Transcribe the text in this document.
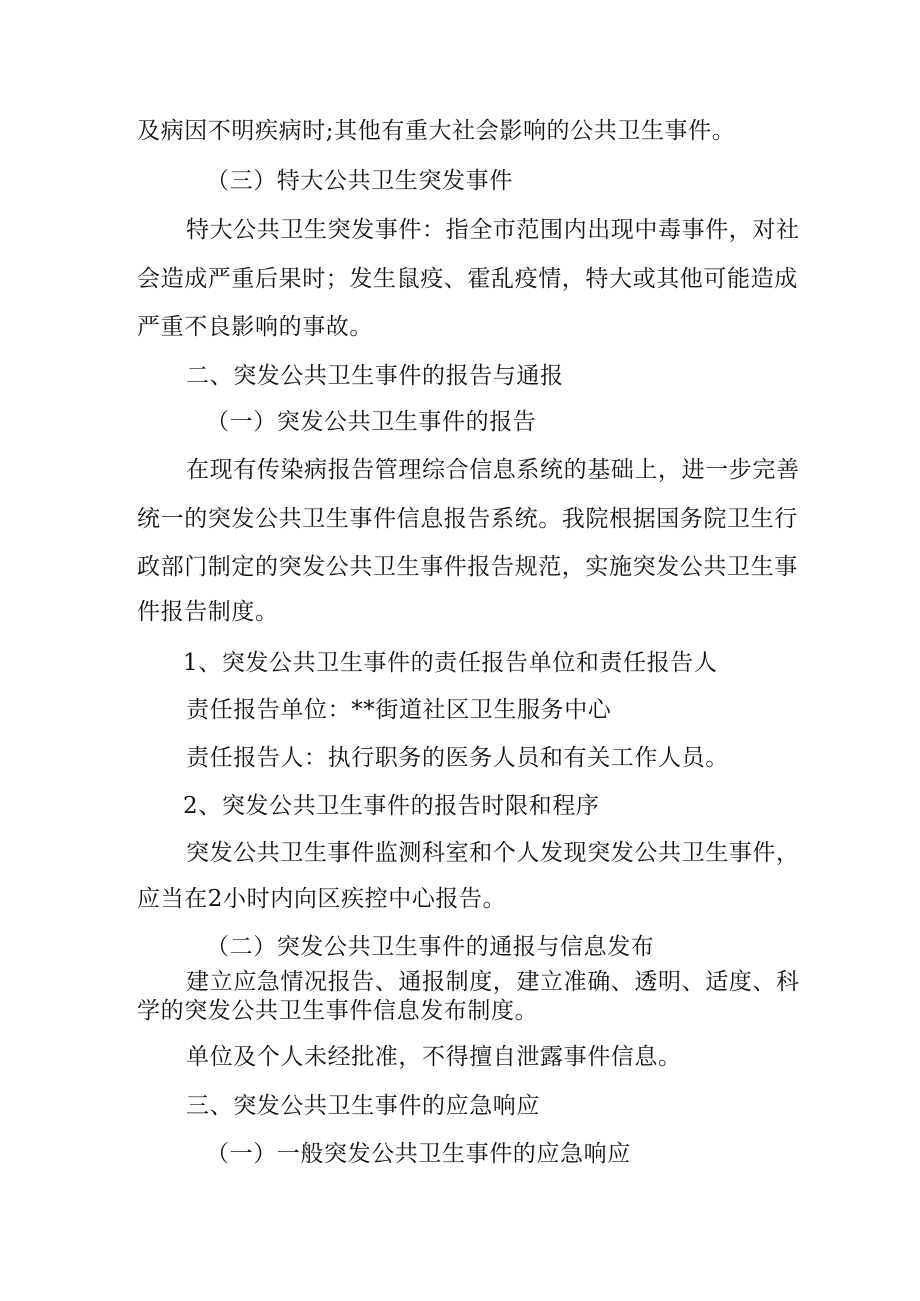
及病因不明疾病时;其他有重大社会影响的公共卫生事件。
（三）特大公共卫生突发事件
特大公共卫生突发事件：指全市范围内出现中毒事件，对社
会造成严重后果时；发生鼠疫、霍乱疫情，特大或其他可能造成
严重不良影响的事故。
二、突发公共卫生事件的报告与通报
（一）突发公共卫生事件的报告
在现有传染病报告管理综合信息系统的基础上，进一步完善
统一的突发公共卫生事件信息报告系统。我院根据国务院卫生行
政部门制定的突发公共卫生事件报告规范，实施突发公共卫生事
件报告制度。
1、突发公共卫生事件的责任报告单位和责任报告人
责任报告单位：**街道社区卫生服务中心
责任报告人：执行职务的医务人员和有关工作人员。
2、突发公共卫生事件的报告时限和程序
突发公共卫生事件监测科室和个人发现突发公共卫生事件，
应当在2小时内向区疾控中心报告。
（二）突发公共卫生事件的通报与信息发布
建立应急情况报告、通报制度，建立准确、透明、适度、科
学的突发公共卫生事件信息发布制度。
单位及个人未经批准，不得擅自泄露事件信息。
三、突发公共卫生事件的应急响应
（一）一般突发公共卫生事件的应急响应
